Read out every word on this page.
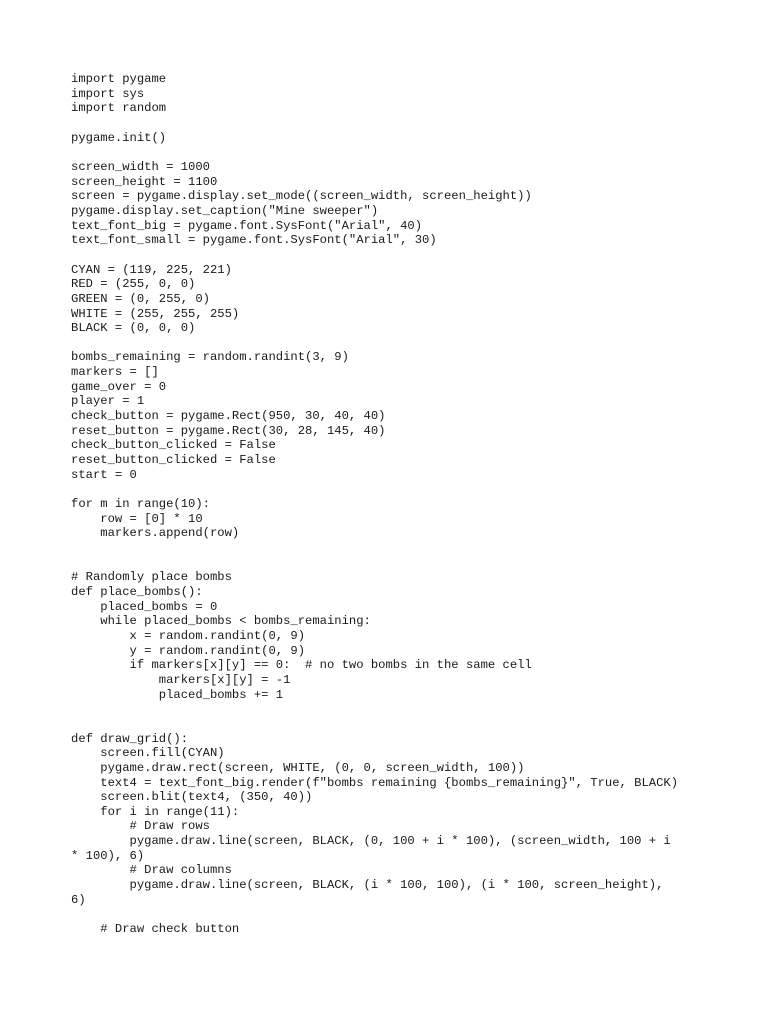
import pygame
import sys
import random
pygame.init()
screen_width = 1000
screen_height = 1100
screen = pygame.display.set_mode((screen_width, screen_height))
pygame.display.set_caption("Mine sweeper")
text_font_big = pygame.font.SysFont("Arial", 40)
text_font_small = pygame.font.SysFont("Arial", 30)
CYAN = (119, 225, 221)
RED = (255, 0, 0)
GREEN = (0, 255, 0)
WHITE = (255, 255, 255)
BLACK = (0, 0, 0)
bombs_remaining = random.randint(3, 9)
markers = []
game_over = 0
player = 1
check_button = pygame.Rect(950, 30, 40, 40)
reset_button = pygame.Rect(30, 28, 145, 40)
check_button_clicked = False
reset_button_clicked = False
start = 0
for m in range(10):
row = [0] * 10
markers.append(row)
# Randomly place bombs
def place_bombs():
placed_bombs = 0
while placed_bombs < bombs_remaining:
x = random.randint(0, 9)
y = random.randint(0, 9)
if markers[x][y] == 0:  # no two bombs in the same cell
markers[x][y] = -1
placed_bombs += 1
def draw_grid():
screen.fill(CYAN)
pygame.draw.rect(screen, WHITE, (0, 0, screen_width, 100))
text4 = text_font_big.render(f"bombs remaining {bombs_remaining}", True, BLACK)
screen.blit(text4, (350, 40))
for i in range(11):
# Draw rows
pygame.draw.line(screen, BLACK, (0, 100 + i * 100), (screen_width, 100 + i
* 100), 6)
# Draw columns
pygame.draw.line(screen, BLACK, (i * 100, 100), (i * 100, screen_height),
6)
# Draw check button
